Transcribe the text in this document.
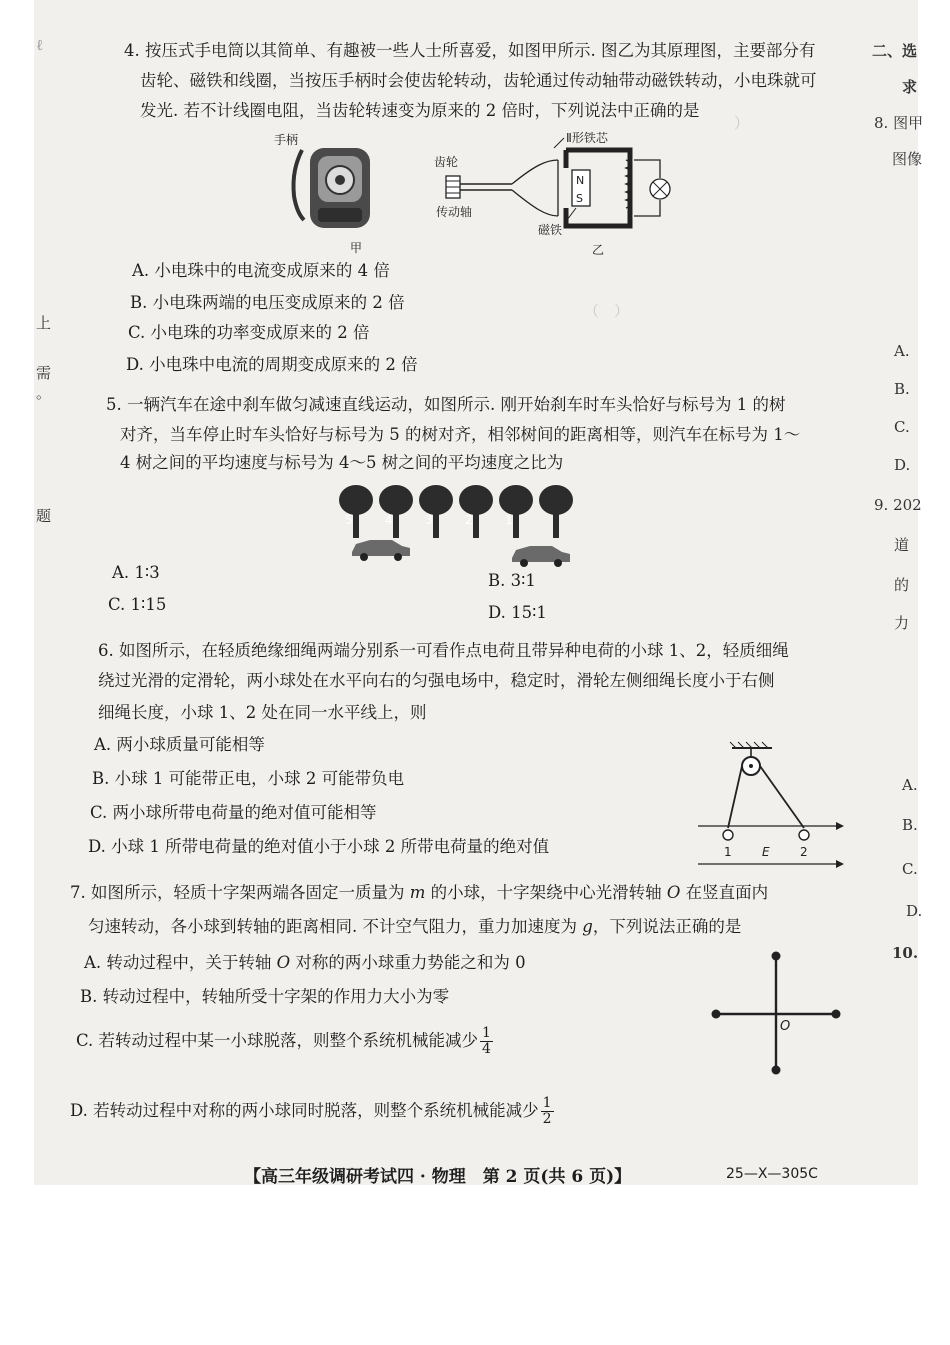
ℓ
上
需
。
题
）
（　）
4. 按压式手电筒以其简单、有趣被一些人士所喜爱，如图甲所示. 图乙为其原理图，主要部分有
齿轮、磁铁和线圈，当按压手柄时会使齿轮转动，齿轮通过传动轴带动磁铁转动，小电珠就可
发光. 若不计线圈电阻，当齿轮转速变为原来的 2 倍时，下列说法中正确的是
手柄
甲
Ⅱ形铁芯
齿轮
传动轴
N
S
磁铁
乙
A. 小电珠中的电流变成原来的 4 倍
B. 小电珠两端的电压变成原来的 2 倍
C. 小电珠的功率变成原来的 2 倍
D. 小电珠中电流的周期变成原来的 2 倍
5. 一辆汽车在途中刹车做匀减速直线运动，如图所示. 刚开始刹车时车头恰好与标号为 1 的树
对齐，当车停止时车头恰好与标号为 5 的树对齐，相邻树间的距离相等，则汽车在标号为 1～
4 树之间的平均速度与标号为 4～5 树之间的平均速度之比为
5	4	3	2	1
A. 1∶3	B. 3∶1
C. 1∶15	D. 15∶1
6. 如图所示，在轻质绝缘细绳两端分别系一可看作点电荷且带异种电荷的小球 1、2，轻质细绳
绕过光滑的定滑轮，两小球处在水平向右的匀强电场中，稳定时，滑轮左侧细绳长度小于右侧
细绳长度，小球 1、2 处在同一水平线上，则
A. 两小球质量可能相等
B. 小球 1 可能带正电，小球 2 可能带负电
C. 两小球所带电荷量的绝对值可能相等
D. 小球 1 所带电荷量的绝对值小于小球 2 所带电荷量的绝对值	1	E	2
7. 如图所示，轻质十字架两端各固定一质量为 m 的小球，十字架绕中心光滑转轴 O 在竖直面内
匀速转动，各小球到转轴的距离相同. 不计空气阻力，重力加速度为 g，下列说法正确的是
A. 转动过程中，关于转轴 O 对称的两小球重力势能之和为 0
B. 转动过程中，转轴所受十字架的作用力大小为零
C. 若转动过程中某一小球脱落，则整个系统机械能减少 $\frac{1}{4}$
D. 若转动过程中对称的两小球同时脱落，则整个系统机械能减少 $\frac{1}{2}$
O
【高三年级调研考试四 · 物理　第 2 页(共 6 页)】	25—X—305C
二、选
求
8. 图甲
图像
A.
B.
C.
D.
9. 202
道
的
力
A.
B.
C.
D.
10.
